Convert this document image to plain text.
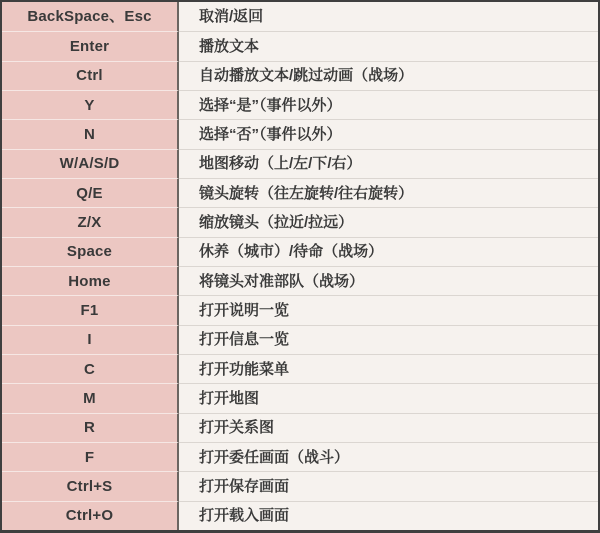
BackSpace、Esc	取消/返回
Enter	播放文本
Ctrl	自动播放文本/跳过动画（战场）
Y	选择“是”（事件以外）
N	选择“否”（事件以外）
W/A/S/D	地图移动（上/左/下/右）
Q/E	镜头旋转（往左旋转/往右旋转）
Z/X	缩放镜头（拉近/拉远）
Space	休养（城市）/待命（战场）
Home	将镜头对准部队（战场）
F1	打开说明一览
I	打开信息一览
C	打开功能菜单
M	打开地图
R	打开关系图
F	打开委任画面（战斗）
Ctrl+S	打开保存画面
Ctrl+O	打开载入画面
